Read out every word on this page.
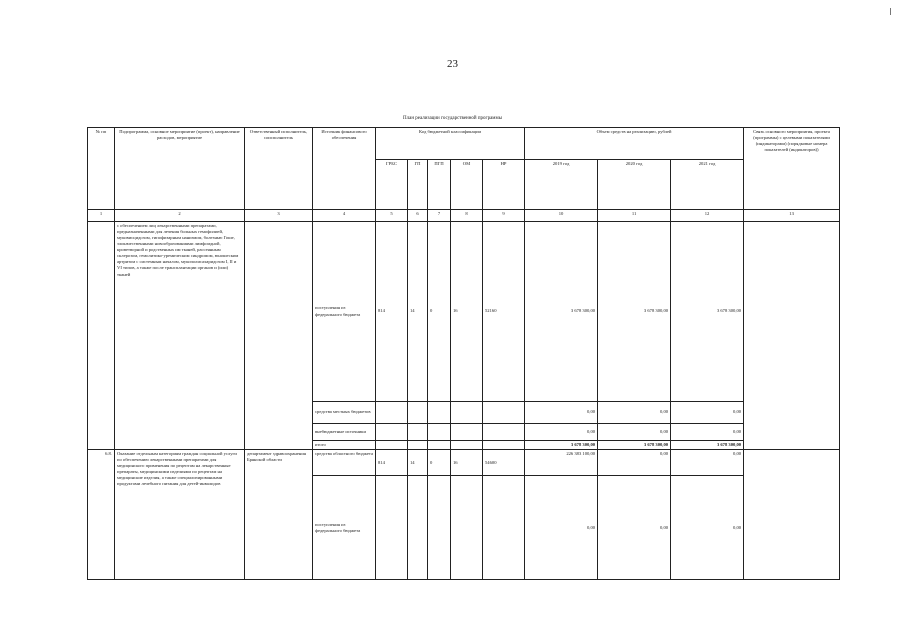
23
План реализации государственной программы
№ пп	Подпрограмма, основное мероприятие (проект), направление расходов, мероприятие	Ответственный исполнитель, соисполнитель	Источник финансового обеспечения	Код бюджетной классификации					Объем средств на реализацию, рублей			Связь основного мероприятия, проекта (программы) с целевыми показателями (индикаторами) (порядковые номера показателей (индикаторов))
				ГРБС	ГП	ПГП	ОМ	НР	2019 год	2020 год	2021 год	
1	2	3	4	5	6	7	8	9	10	11	12	13
	с обеспечением лиц лекарственными препаратами, предназначенными для лечения больных гемофилией, муковисцидозом, гипофизарным нанизмом, болезнью Гоше, злокачественными новообразованиями лимфоидной, кроветворной и родственных им тканей, рассеянным склерозом, гемолитико-уремическим синдромом, юношеским артритом с системным началом, мукополисахаридозом I, II и VI типов, а также после трансплантации органов и (или) тканей		поступления из федерального бюджета	814	14	0	16	52160	3 678 300,00	3 678 300,00	3 678 300,00	
			средства местных бюджетов						0,00	0,00	0,00	
			внебюджетные источники						0,00	0,00	0,00	
			итого						3 678 300,00	3 678 300,00	3 678 300,00	
6.8.	Оказание отдельным категориям граждан социальной услуги по обеспечению лекарственными препаратами для медицинского применения по рецептам на лекарственные препараты, медицинскими изделиями по рецептам на медицинские изделия, а также специализированными продуктами лечебного питания для детей-инвалидов	департамент здравоохранения Брянской области	средства областного бюджета	814	14	0	16	54600	226 383 100,00	0,00	0,00	
			поступления из федерального бюджета						0,00	0,00	0,00	
